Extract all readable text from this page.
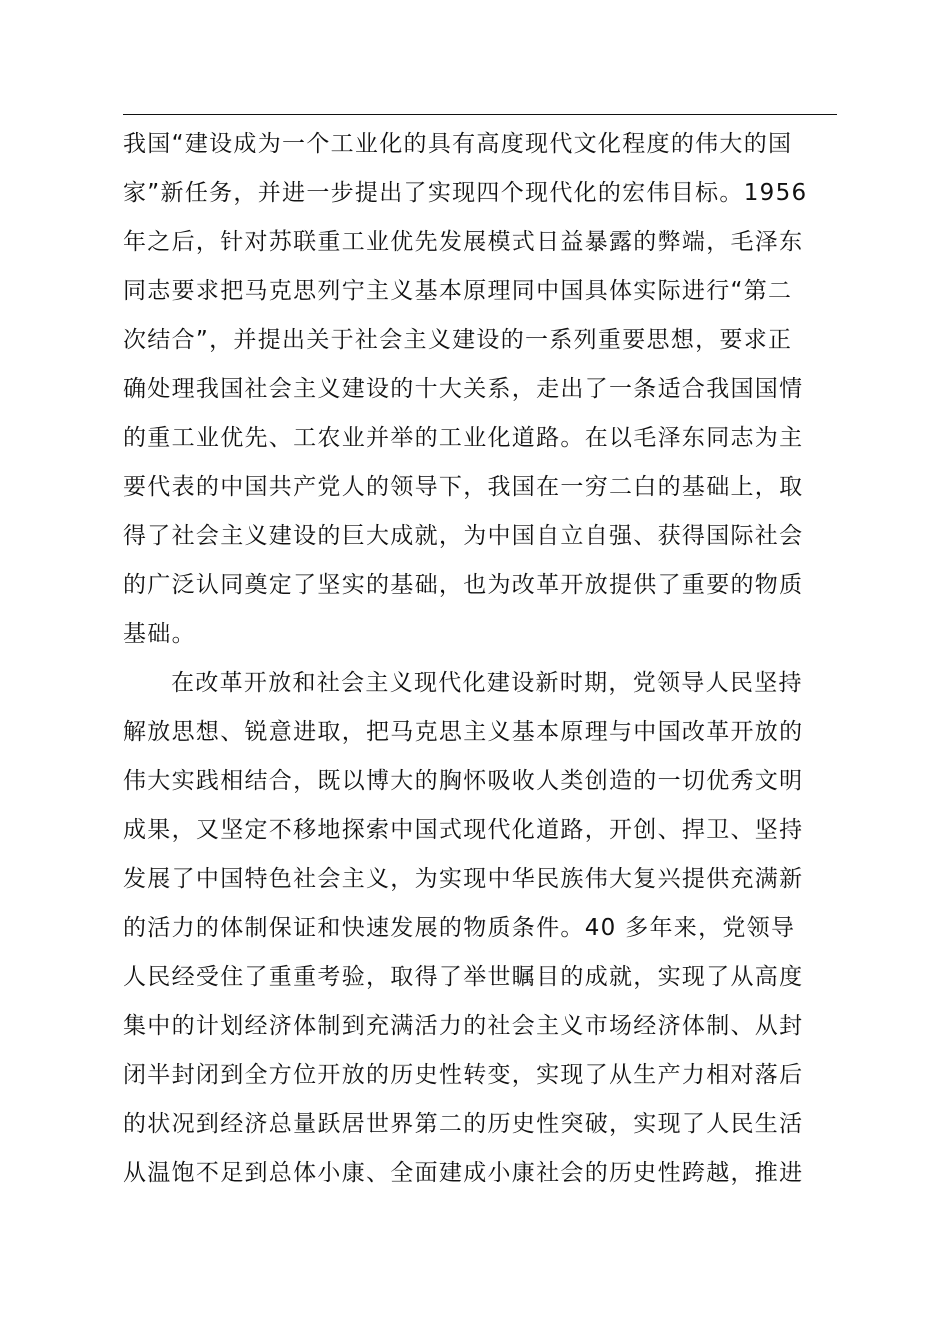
我国“建设成为一个工业化的具有高度现代文化程度的伟大的国
家”新任务，并进一步提出了实现四个现代化的宏伟目标。1956
年之后，针对苏联重工业优先发展模式日益暴露的弊端，毛泽东
同志要求把马克思列宁主义基本原理同中国具体实际进行“第二
次结合”，并提出关于社会主义建设的一系列重要思想，要求正
确处理我国社会主义建设的十大关系，走出了一条适合我国国情
的重工业优先、工农业并举的工业化道路。在以毛泽东同志为主
要代表的中国共产党人的领导下，我国在一穷二白的基础上，取
得了社会主义建设的巨大成就，为中国自立自强、获得国际社会
的广泛认同奠定了坚实的基础，也为改革开放提供了重要的物质
基础。
在改革开放和社会主义现代化建设新时期，党领导人民坚持
解放思想、锐意进取，把马克思主义基本原理与中国改革开放的
伟大实践相结合，既以博大的胸怀吸收人类创造的一切优秀文明
成果，又坚定不移地探索中国式现代化道路，开创、捍卫、坚持
发展了中国特色社会主义，为实现中华民族伟大复兴提供充满新
的活力的体制保证和快速发展的物质条件。40 多年来，党领导
人民经受住了重重考验，取得了举世瞩目的成就，实现了从高度
集中的计划经济体制到充满活力的社会主义市场经济体制、从封
闭半封闭到全方位开放的历史性转变，实现了从生产力相对落后
的状况到经济总量跃居世界第二的历史性突破，实现了人民生活
从温饱不足到总体小康、全面建成小康社会的历史性跨越，推进
